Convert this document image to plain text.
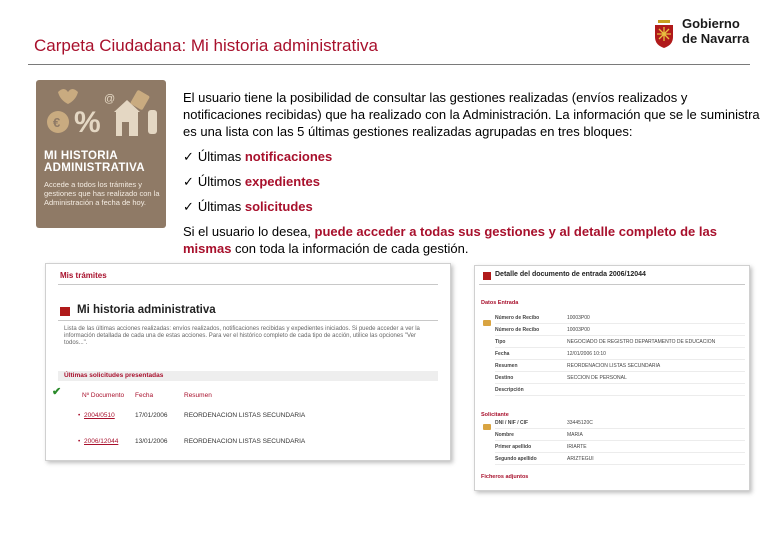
Carpeta Ciudadana: Mi historia administrativa
Gobierno
de Navarra
€ %
@
MI HISTORIA
ADMINISTRATIVA
Accede a todos los trámites y gestiones que has realizado con la Administración a fecha de hoy.
El usuario tiene la posibilidad de consultar las gestiones realizadas (envíos realizados y notificaciones recibidas) que ha realizado con la Administración. La información que se le suministra es una lista con las 5 últimas gestiones realizadas agrupadas en tres bloques:
✓ Últimas notificaciones
✓ Últimos expedientes
✓ Últimas solicitudes
Si el usuario lo desea, puede acceder a todas sus gestiones y al detalle completo de las mismas con toda la información de cada gestión.
Mis trámites
Mi historia administrativa
Lista de las últimas acciones realizadas: envíos realizados, notificaciones recibidas y expedientes iniciados. Si puede acceder a ver la información detallada de cada una de estas acciones. Para ver el histórico completo de cada tipo de acción, utilice las opciones "Ver todos...".
Últimas solicitudes presentadas
✔	Nº Documento Fecha	Resumen
• 2004/0510	17/01/2006	REORDENACION LISTAS SECUNDARIA
• 2006/12044	13/01/2006	REORDENACION LISTAS SECUNDARIA
Detalle del documento de entrada 2006/12044
Datos Entrada
Número de Recibo	10003P00
Número de Recibo	10003P00
Tipo	NEGOCIADO DE REGISTRO DEPARTAMENTO DE EDUCACION
Fecha	12/01/2006 10:10
Resumen	REORDENACION LISTAS SECUNDARIA
Destino	SECCION DE PERSONAL
Descripción
Solicitante
DNI / NIF / CIF	33445120C
Nombre	MARIA
Primer apellido	IRIARTE
Segundo apellido	ARIZTEGUI
Ficheros adjuntos
